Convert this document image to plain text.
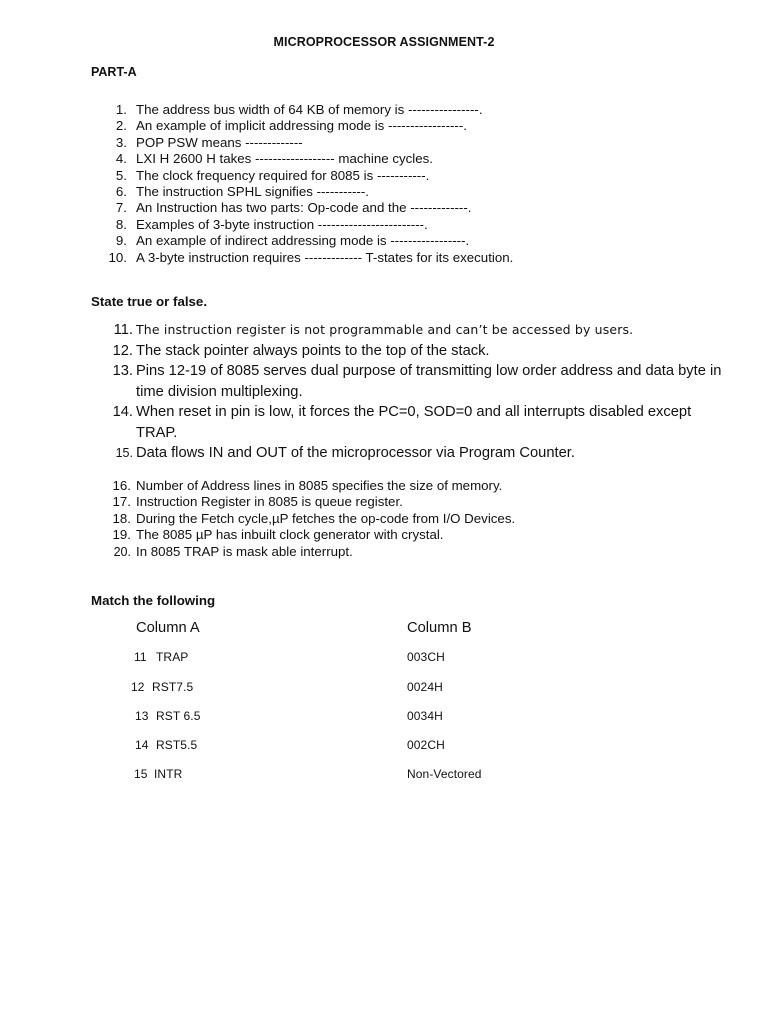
MICROPROCESSOR ASSIGNMENT-2
PART-A
1. The address bus width of 64 KB of memory is ----------------.
2. An example of implicit addressing mode is -----------------.
3. POP PSW means -------------
4. LXI H 2600 H takes ------------------ machine cycles.
5. The clock frequency required for 8085 is -----------.
6. The instruction SPHL signifies -----------.
7. An Instruction has two parts: Op-code and the -------------.
8. Examples of 3-byte instruction ------------------------.
9. An example of indirect addressing mode is -----------------.
10. A 3-byte instruction requires ------------- T-states for its execution.
State true or false.
11. The instruction register is not programmable and can’t be accessed by users.
12. The stack pointer always points to the top of the stack.
13. Pins 12-19 of 8085 serves dual purpose of transmitting low order address and data byte in time division multiplexing.
14. When reset in pin is low, it forces the PC=0, SOD=0 and all interrupts disabled except TRAP.
15. Data flows IN and OUT of the microprocessor via Program Counter.
16. Number of Address lines in 8085 specifies the size of memory.
17. Instruction Register in 8085 is queue register.
18. During the Fetch cycle,µP fetches the op-code from I/O Devices.
19. The 8085 µP has inbuilt clock generator with crystal.
20. In 8085 TRAP is mask able interrupt.
Match the following
Column A	Column B
11 TRAP	003CH
12 RST7.5	0024H
13 RST 6.5	0034H
14 RST5.5	002CH
15 INTR	Non-Vectored
